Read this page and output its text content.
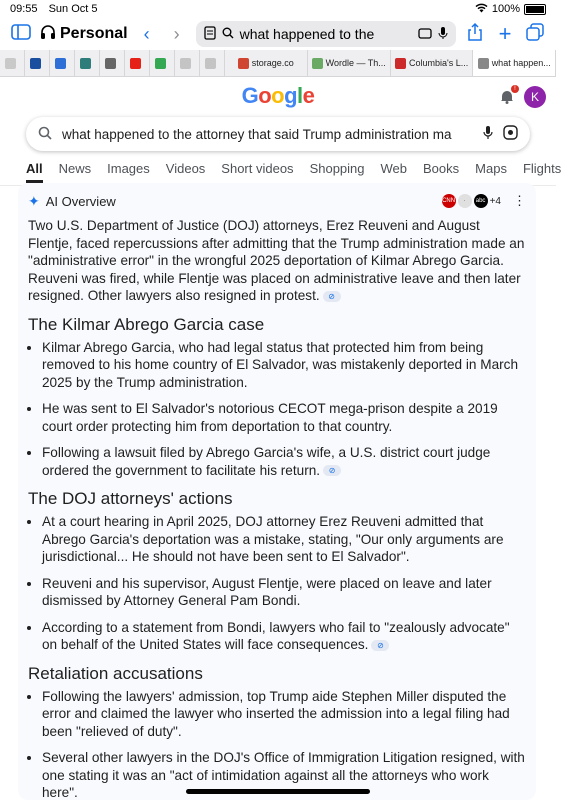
09:55 Sun Oct 5	100%
Personal ‹	›	what happened to the	+
storage.co	Wordle — Th...	Columbia's L...	what happen...
Google	!
K
what happened to the attorney that said Trump administration ma
All News Images Videos Short videos Shopping Web Books Maps Flights
✦ AI Overview	CNN	·	abc +4 ⋮

Two U.S. Department of Justice (DOJ) attorneys, Erez Reuveni and August Flentje, faced repercussions after admitting that the Trump administration made an "administrative error" in the wrongful 2025 deportation of Kilmar Abrego Garcia. Reuveni was fired, while Flentje was placed on administrative leave and then later resigned. Other lawyers also resigned in protest. ⊘

The Kilmar Abrego Garcia case
• Kilmar Abrego Garcia, who had legal status that protected him from being removed to his home country of El Salvador, was mistakenly deported in March 2025 by the Trump administration.
• He was sent to El Salvador's notorious CECOT mega-prison despite a 2019 court order protecting him from deportation to that country.
• Following a lawsuit filed by Abrego Garcia's wife, a U.S. district court judge ordered the government to facilitate his return. ⊘
The DOJ attorneys' actions
• At a court hearing in April 2025, DOJ attorney Erez Reuveni admitted that Abrego Garcia's deportation was a mistake, stating, "Our only arguments are jurisdictional... He should not have been sent to El Salvador".
• Reuveni and his supervisor, August Flentje, were placed on leave and later dismissed by Attorney General Pam Bondi.
• According to a statement from Bondi, lawyers who fail to "zealously advocate" on behalf of the United States will face consequences. ⊘
Retaliation accusations
• Following the lawyers' admission, top Trump aide Stephen Miller disputed the error and claimed the lawyer who inserted the admission into a legal filing had been "relieved of duty".
• Several other lawyers in the DOJ's Office of Immigration Litigation resigned, with one stating it was an "act of intimidation against all the attorneys who work here".
